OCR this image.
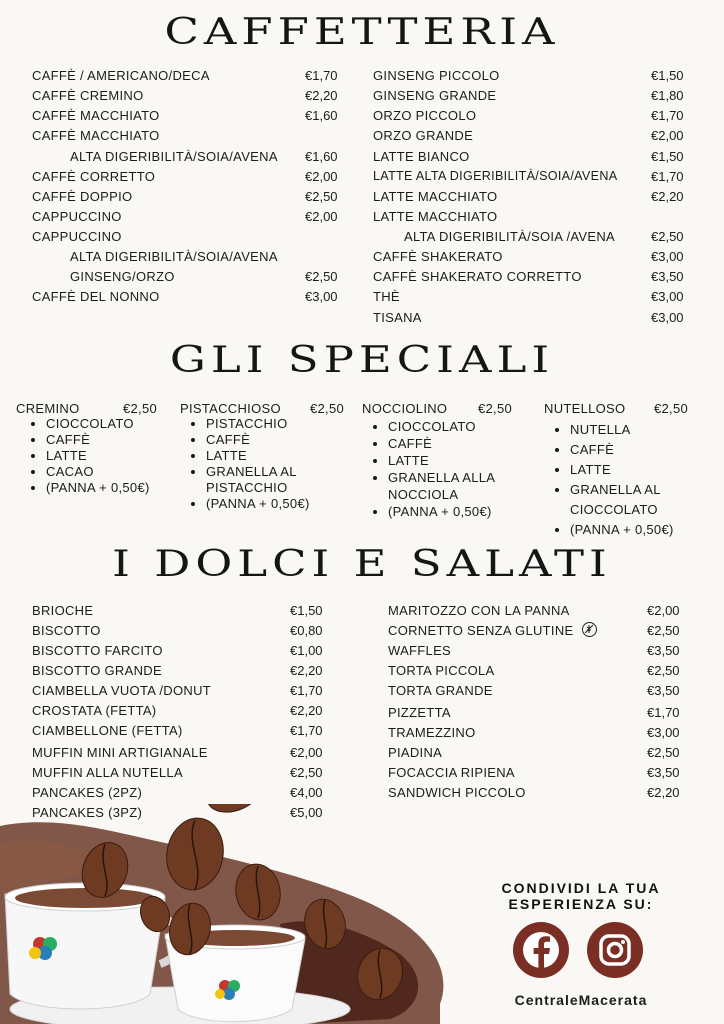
CAFFETTERIA
GLI SPECIALI
I DOLCI E SALATI
CAFFÈ / AMERICANO/DECA	€1,70
CAFFÈ CREMINO	€2,20
CAFFÈ MACCHIATO	€1,60
CAFFÈ MACCHIATO
ALTA DIGERIBILITÀ/SOIA/AVENA €1,60
CAFFÈ CORRETTO	€2,00
CAFFÈ DOPPIO	€2,50
CAPPUCCINO	€2,00
CAPPUCCINO
ALTA DIGERIBILITÀ/SOIA/AVENA
GINSENG/ORZO	€2,50
CAFFÈ DEL NONNO	€3,00
GINSENG PICCOLO	€1,50
GINSENG GRANDE	€1,80
ORZO PICCOLO	€1,70
ORZO GRANDE	€2,00
LATTE BIANCO	€1,50
LATTE ALTA DIGERIBILITÀ/SOIA/AVENA	€1,70
LATTE MACCHIATO	€2,20
LATTE MACCHIATO
ALTA DIGERIBILITÀ/SOIA /AVENA	€2,50
CAFFÈ SHAKERATO	€3,00
CAFFÈ SHAKERATO CORRETTO	€3,50
THÈ	€3,00
TISANA	€3,00
CREMINO	€2,50
• CIOCCOLATO
• CAFFÈ
• LATTE
• CACAO
• (PANNA + 0,50€)
PISTACCHIOSO €2,50
• PISTACCHIO
• CAFFÈ
• LATTE
• GRANELLA AL PISTACCHIO
• (PANNA + 0,50€)
NOCCIOLINO €2,50
• CIOCCOLATO
• CAFFÈ
• LATTE
• GRANELLA ALLA NOCCIOLA
• (PANNA + 0,50€)
NUTELLOSO €2,50
• NUTELLA
• CAFFÈ
• LATTE
• GRANELLA AL CIOCCOLATO
• (PANNA + 0,50€)
BRIOCHE	€1,50
BISCOTTO	€0,80
BISCOTTO FARCITO	€1,00
BISCOTTO GRANDE	€2,20
CIAMBELLA VUOTA /DONUT	€1,70
CROSTATA (FETTA)	€2,20
CIAMBELLONE (FETTA)	€1,70
MUFFIN MINI ARTIGIANALE	€2,00
MUFFIN ALLA NUTELLA	€2,50
PANCAKES (2PZ)	€4,00
PANCAKES (3PZ)	€5,00
MARITOZZO CON LA PANNA	€2,00
CORNETTO SENZA GLUTINE	€2,50
WAFFLES	€3,50
TORTA PICCOLA	€2,50
TORTA GRANDE	€3,50
PIZZETTA	€1,70
TRAMEZZINO	€3,00
PIADINA	€2,50
FOCACCIA RIPIENA	€3,50
SANDWICH PICCOLO	€2,20
CONDIVIDI LA TUA
ESPERIENZA SU:
CentraleMacerata
